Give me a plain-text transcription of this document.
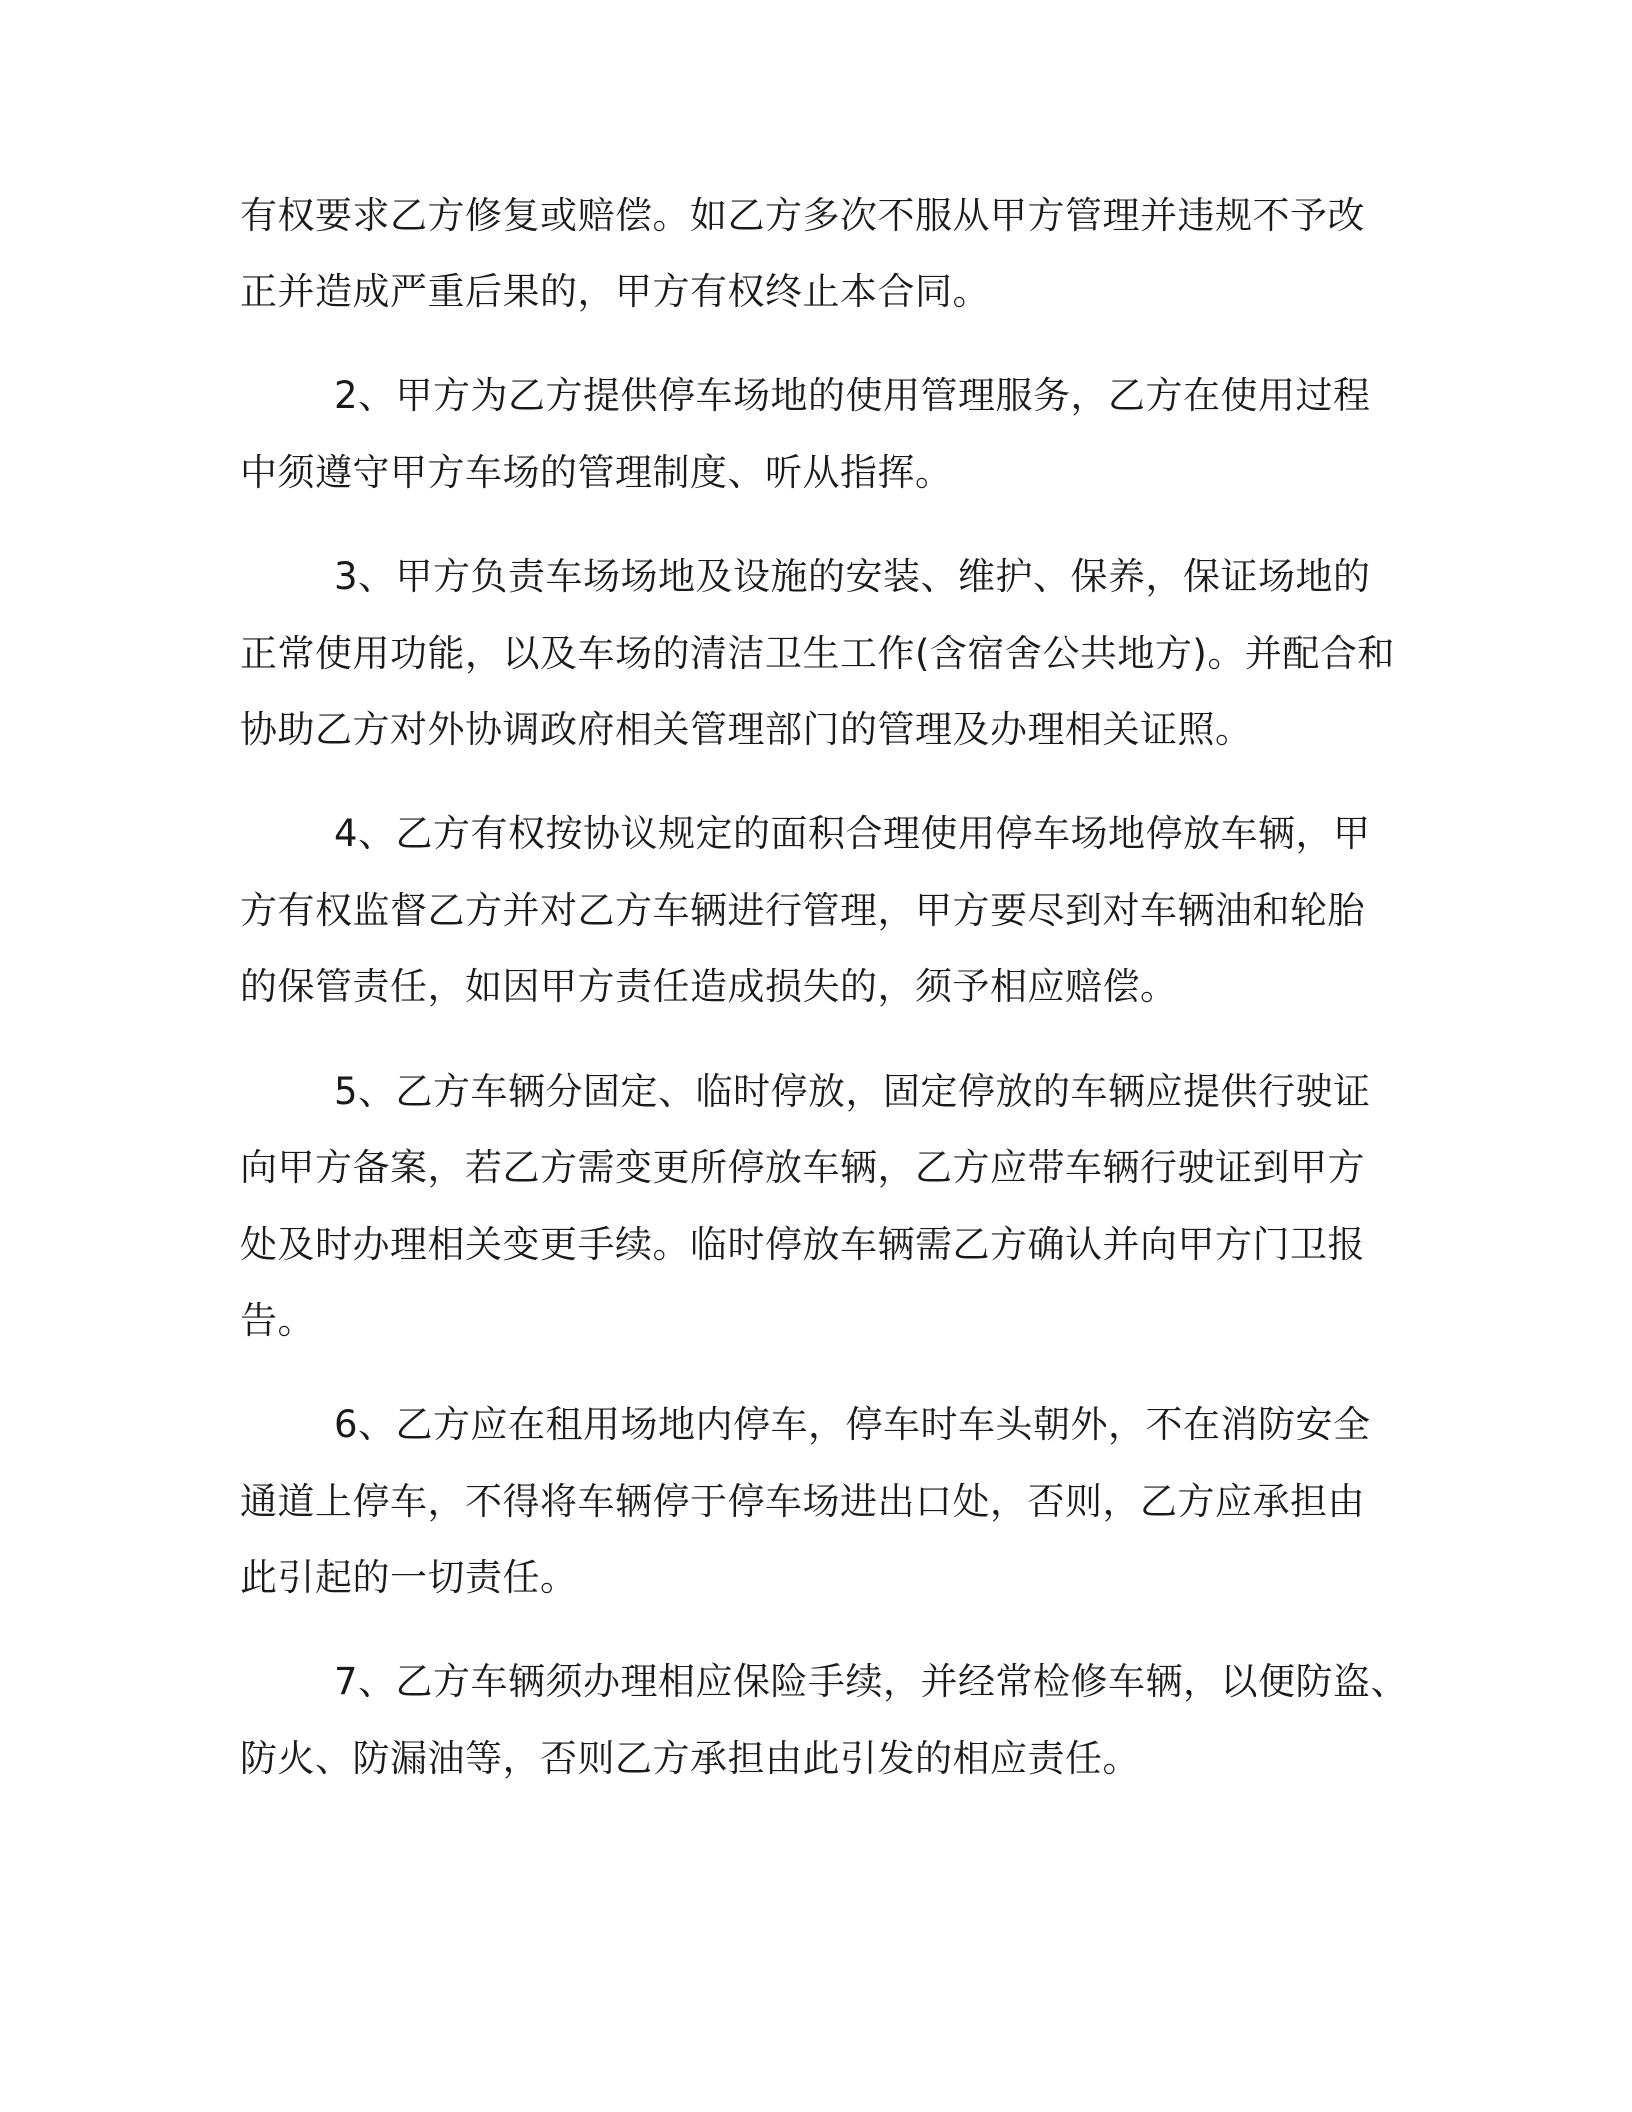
有权要求乙方修复或赔偿。如乙方多次不服从甲方管理并违规不予改
正并造成严重后果的，甲方有权终止本合同。
2、甲方为乙方提供停车场地的使用管理服务，乙方在使用过程
中须遵守甲方车场的管理制度、听从指挥。
3、甲方负责车场场地及设施的安装、维护、保养，保证场地的
正常使用功能，以及车场的清洁卫生工作(含宿舍公共地方)。并配合和
协助乙方对外协调政府相关管理部门的管理及办理相关证照。
4、乙方有权按协议规定的面积合理使用停车场地停放车辆，甲
方有权监督乙方并对乙方车辆进行管理，甲方要尽到对车辆油和轮胎
的保管责任，如因甲方责任造成损失的，须予相应赔偿。
5、乙方车辆分固定、临时停放，固定停放的车辆应提供行驶证
向甲方备案，若乙方需变更所停放车辆，乙方应带车辆行驶证到甲方
处及时办理相关变更手续。临时停放车辆需乙方确认并向甲方门卫报
告。
6、乙方应在租用场地内停车，停车时车头朝外，不在消防安全
通道上停车，不得将车辆停于停车场进出口处，否则，乙方应承担由
此引起的一切责任。
7、乙方车辆须办理相应保险手续，并经常检修车辆，以便防盗、
防火、防漏油等，否则乙方承担由此引发的相应责任。
